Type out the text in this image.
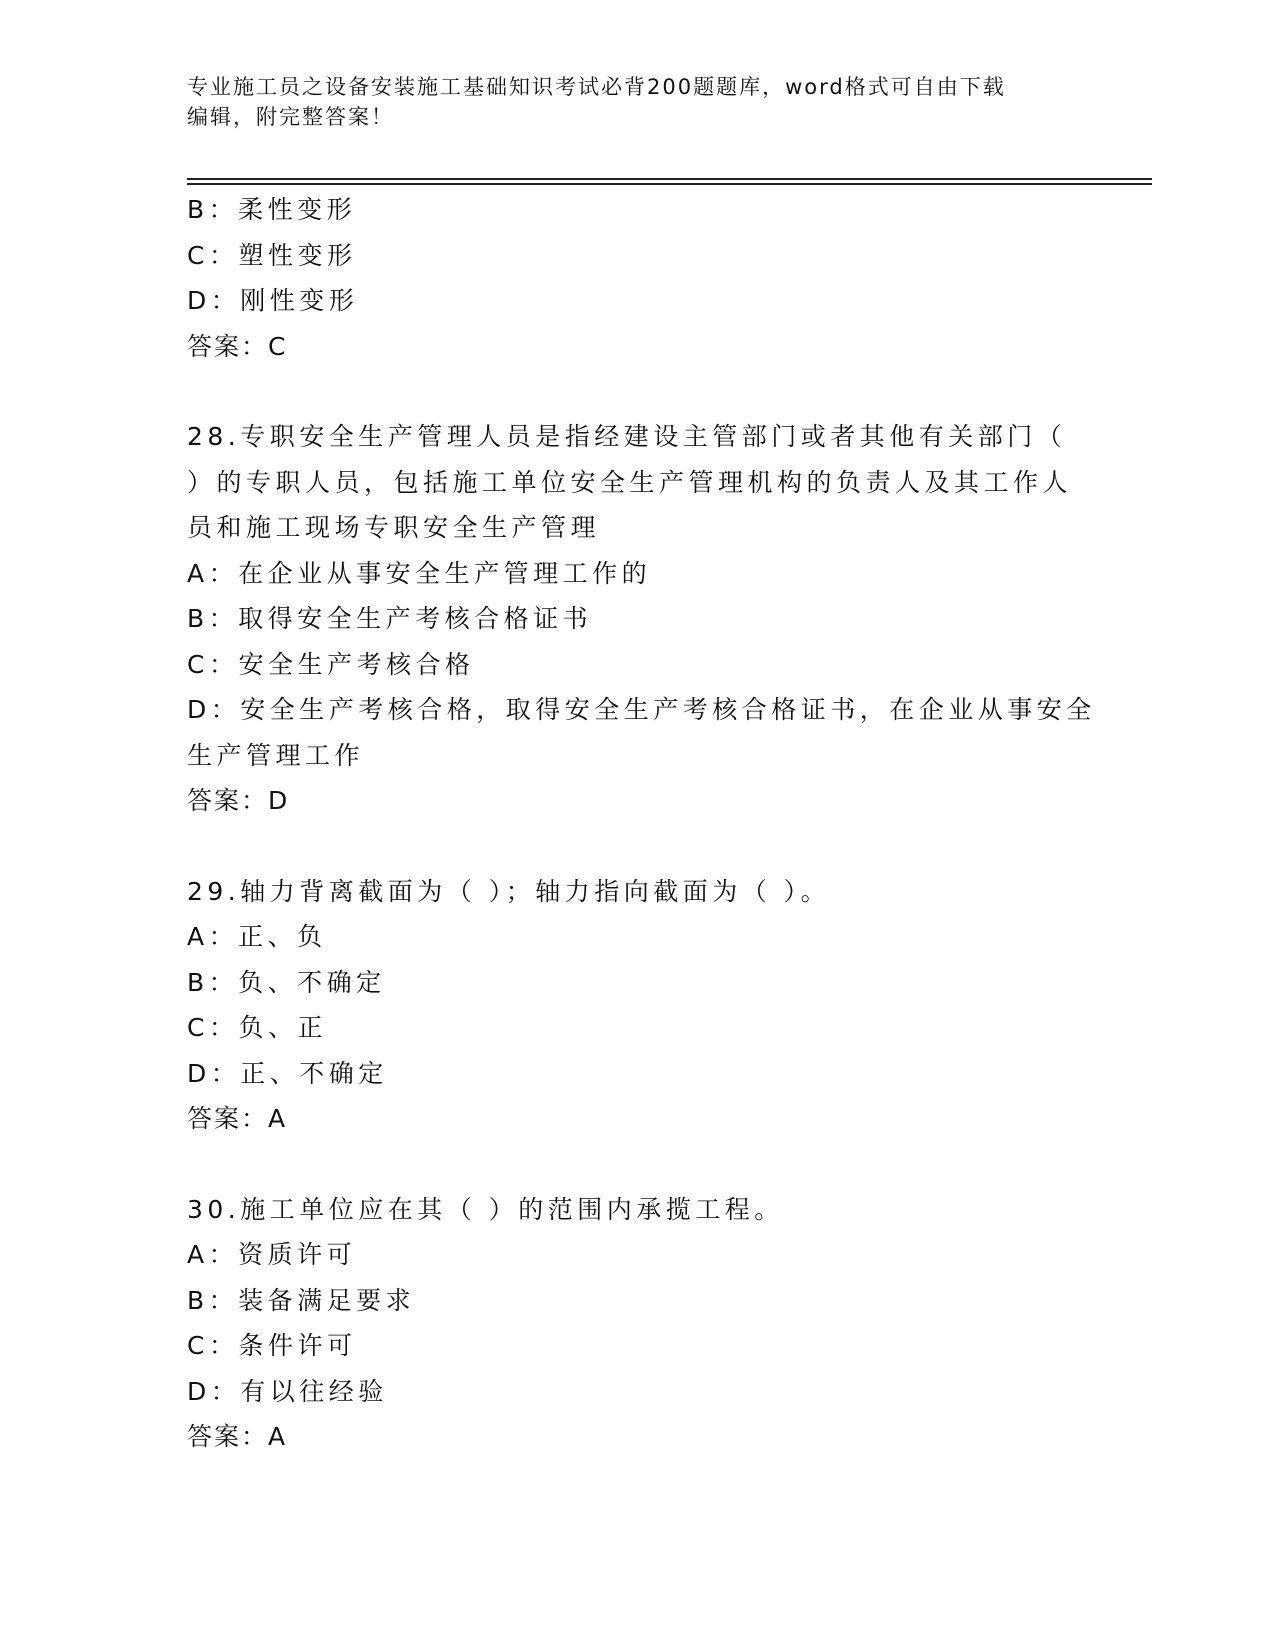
专业施工员之设备安装施工基础知识考试必背200题题库，word格式可自由下载
编辑，附完整答案！
B：柔性变形
C：塑性变形
D：刚性变形
答案：C
28.专职安全生产管理人员是指经建设主管部门或者其他有关部门（
）的专职人员，包括施工单位安全生产管理机构的负责人及其工作人
员和施工现场专职安全生产管理
A：在企业从事安全生产管理工作的
B：取得安全生产考核合格证书
C：安全生产考核合格
D：安全生产考核合格，取得安全生产考核合格证书，在企业从事安全
生产管理工作
答案：D
29.轴力背离截面为（ ）；轴力指向截面为（ ）。
A：正、负
B：负、不确定
C：负、正
D：正、不确定
答案：A
30.施工单位应在其（ ）的范围内承揽工程。
A：资质许可
B：装备满足要求
C：条件许可
D：有以往经验
答案：A
